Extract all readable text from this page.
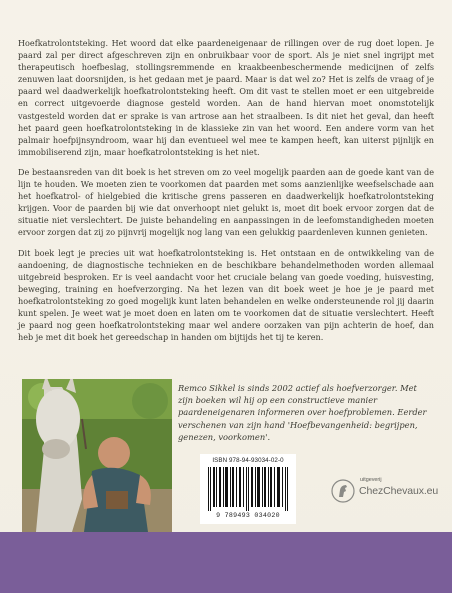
Hoefkatrolontsteking. Het woord dat elke paardeneigenaar de rillingen over de rug doet lopen. Je paard zal per direct afgeschreven zijn en onbruikbaar voor de sport. Als je niet snel ingrijpt met therapeutisch hoefbeslag, stollingsremmende en kraakbeenbeschermende medicijnen of zelfs zenuwen laat doorsnijden, is het gedaan met je paard. Maar is dat wel zo? Het is zelfs de vraag of je paard wel daadwerkelijk hoefkatrolontsteking heeft. Om dit vast te stellen moet er een uitgebreide en correct uitgevoerde diagnose gesteld worden. Aan de hand hiervan moet onomstotelijk vastgesteld worden dat er sprake is van artrose aan het straalbeen. Is dit niet het geval, dan heeft het paard geen hoefkatrolontsteking in de klassieke zin van het woord. Een andere vorm van het palmair hoefpijnsyndroom, waar hij dan eventueel wel mee te kampen heeft, kan uiterst pijnlijk en immobiliserend zijn, maar hoefkatrolontsteking is het niet.

De bestaansreden van dit boek is het streven om zo veel mogelijk paarden aan de goede kant van de lijn te houden. We moeten zien te voorkomen dat paarden met soms aanzienlijke weefselschade aan het hoefkatrol- of hielgebied die kritische grens passeren en daadwerkelijk hoefkatrolontsteking krijgen. Voor de paarden bij wie dat onverhoopt niet gelukt is, moet dit boek ervoor zorgen dat de situatie niet verslechtert. De juiste behandeling en aanpassingen in de leefomstandigheden moeten ervoor zorgen dat zij zo pijnvrij mogelijk nog lang van een gelukkig paardenleven kunnen genieten.

Dit boek legt je precies uit wat hoefkatrolontsteking is. Het ontstaan en de ontwikkeling van de aandoening, de diagnostische technieken en de beschikbare behandelmethoden worden allemaal uitgebreid besproken. Er is veel aandacht voor het cruciale belang van goede voeding, huisvesting, beweging, training en hoefverzorging. Na het lezen van dit boek weet je hoe je je paard met hoefkatrolontsteking zo goed mogelijk kunt laten behandelen en welke ondersteunende rol jij daarin kunt spelen. Je weet wat je moet doen en laten om te voorkomen dat de situatie verslechtert. Heeft je paard nog geen hoefkatrolontsteking maar wel andere oorzaken van pijn achterin de hoef, dan heb je met dit boek het gereedschap in handen om bijtijds het tij te keren.

Remco Sikkel is sinds 2002 actief als hoefverzorger. Met zijn boeken wil hij op een constructieve manier paardeneigenaren informeren over hoefproblemen. Eerder verschenen van zijn hand 'Hoefbevangenheid: begrijpen, genezen, voorkomen'.
ISBN 978-94-93034-02-0
9 789493 034020
uitgeverij
ChezChevaux.eu
